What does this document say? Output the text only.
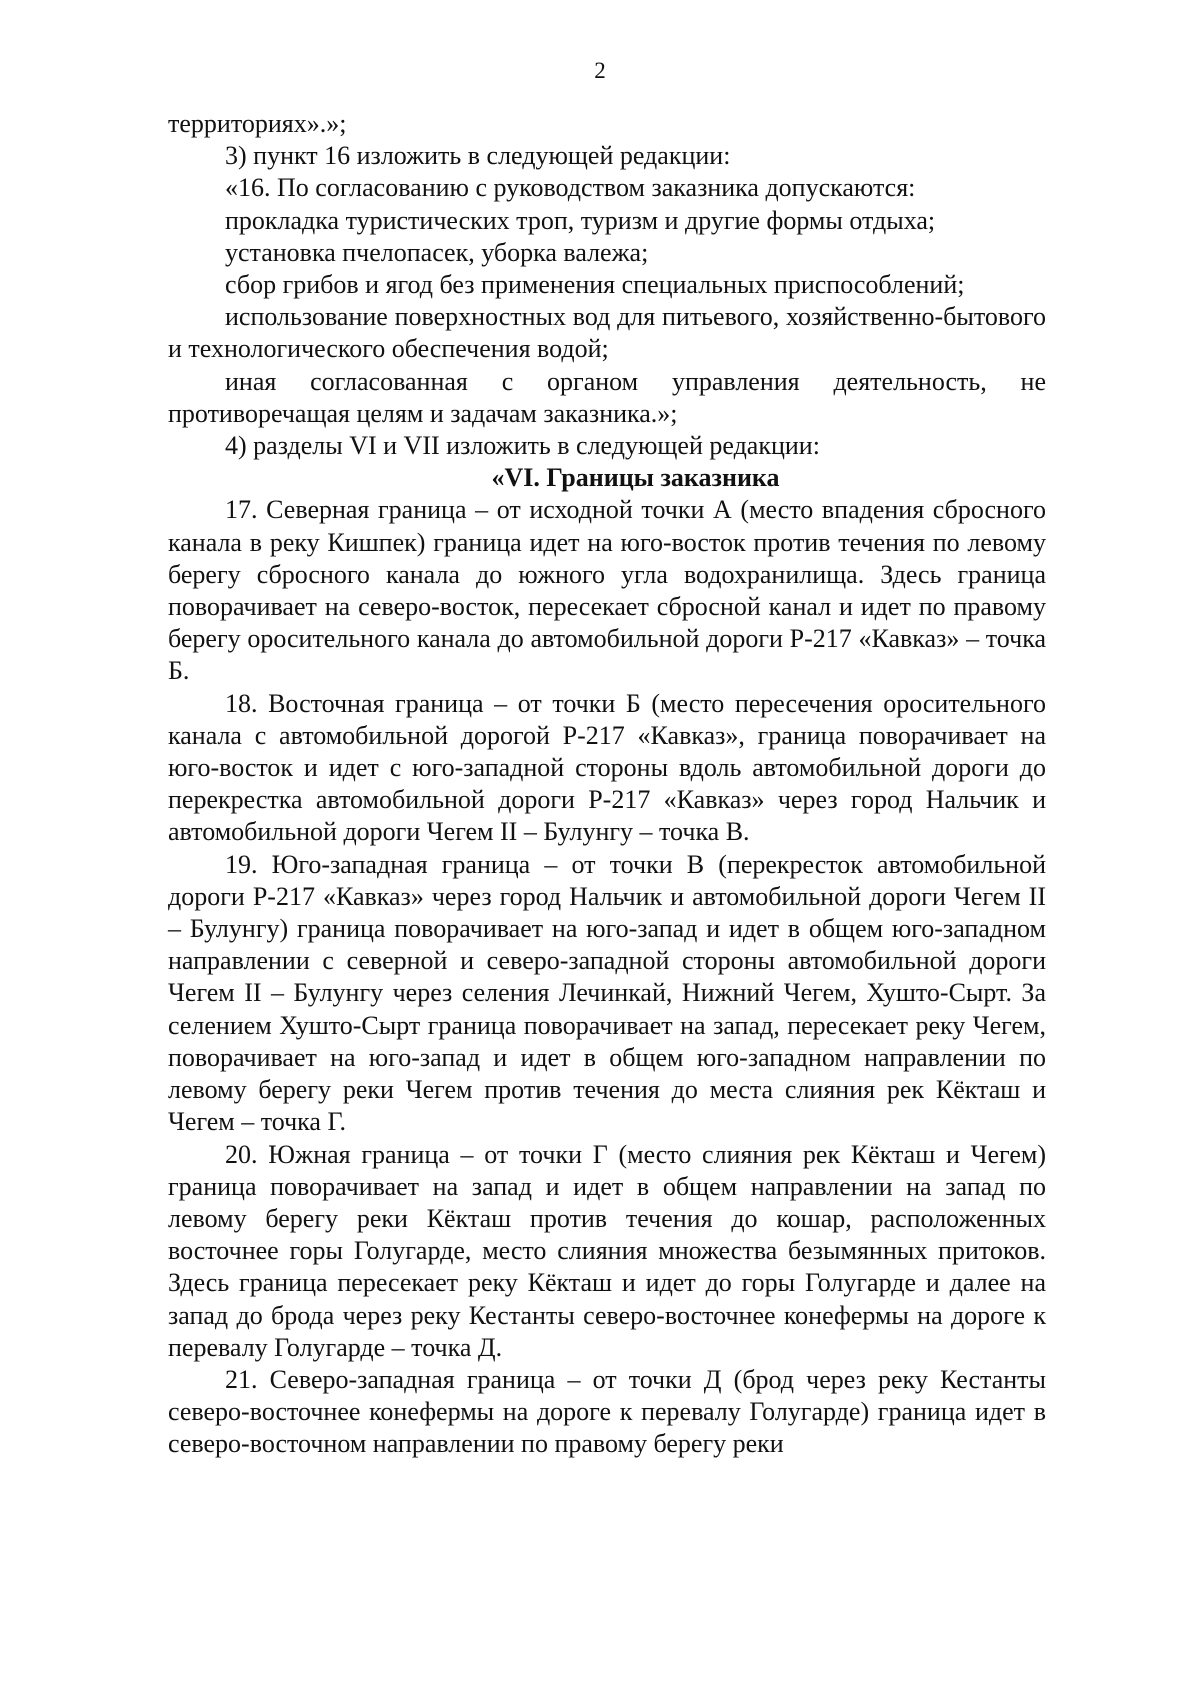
2

территориях».»;

3) пункт 16 изложить в следующей редакции:

«16. По согласованию с руководством заказника допускаются:

прокладка туристических троп, туризм и другие формы отдыха;

установка пчелопасек, уборка валежа;

сбор грибов и ягод без применения специальных приспособлений;

использование поверхностных вод для питьевого, хозяйственно-бытового и технологического обеспечения водой;

иная согласованная с органом управления деятельность, не противоречащая целям и задачам заказника.»;

4) разделы VI и VII изложить в следующей редакции:

«VI. Границы заказника

17. Северная граница – от исходной точки А (место впадения сбросного канала в реку Кишпек) граница идет на юго-восток против течения по левому берегу сбросного канала до южного угла водохранилища. Здесь граница поворачивает на северо-восток, пересекает сбросной канал и идет по правому берегу оросительного канала до автомобильной дороги Р-217 «Кавказ» – точка Б.

18. Восточная граница – от точки Б (место пересечения оросительного канала с автомобильной дорогой Р-217 «Кавказ», граница поворачивает на юго-восток и идет с юго-западной стороны вдоль автомобильной дороги до перекрестка автомобильной дороги Р-217 «Кавказ» через город Нальчик и автомобильной дороги Чегем II – Булунгу – точка В.

19. Юго-западная граница – от точки В (перекресток автомобильной дороги Р-217 «Кавказ» через город Нальчик и автомобильной дороги Чегем II – Булунгу) граница поворачивает на юго-запад и идет в общем юго-западном направлении с северной и северо-западной стороны автомобильной дороги Чегем II – Булунгу через селения Лечинкай, Нижний Чегем, Хушто-Сырт. За селением Хушто-Сырт граница поворачивает на запад, пересекает реку Чегем, поворачивает на юго-запад и идет в общем юго-западном направлении по левому берегу реки Чегем против течения до места слияния рек Кёкташ и Чегем – точка Г.

20. Южная граница – от точки Г (место слияния рек Кёкташ и Чегем) граница поворачивает на запад и идет в общем направлении на запад по левому берегу реки Кёкташ против течения до кошар, расположенных восточнее горы Голугарде, место слияния множества безымянных притоков. Здесь граница пересекает реку Кёкташ и идет до горы Голугарде и далее на запад до брода через реку Кестанты северо-восточнее конефермы на дороге к перевалу Голугарде – точка Д.

21. Северо-западная граница – от точки Д (брод через реку Кестанты северо-восточнее конефермы на дороге к перевалу Голугарде) граница идет в северо-восточном направлении по правому берегу реки
